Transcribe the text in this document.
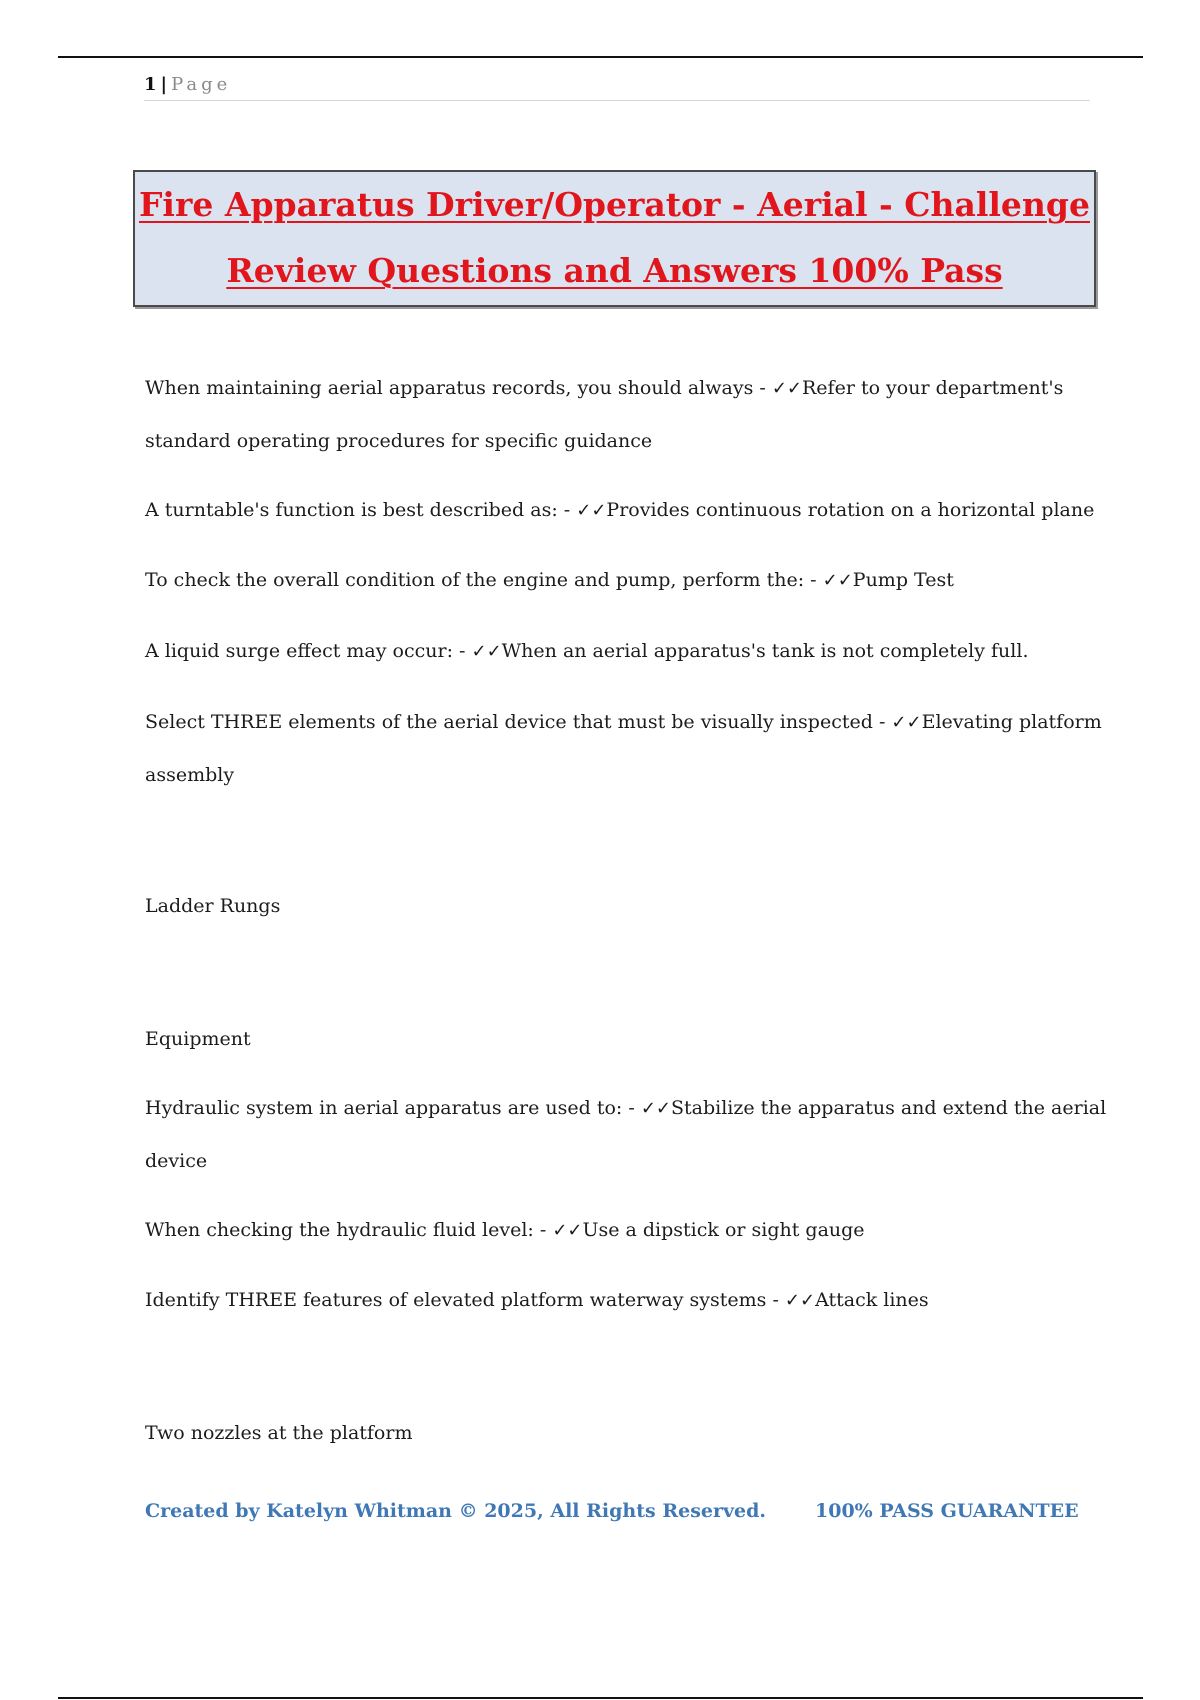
1 | Page
Fire Apparatus Driver/Operator - Aerial - Challenge
Review Questions and Answers 100% Pass
When maintaining aerial apparatus records, you should always - ✓✓Refer to your department's
standard operating procedures for specific guidance
A turntable's function is best described as: - ✓✓Provides continuous rotation on a horizontal plane
To check the overall condition of the engine and pump, perform the: - ✓✓Pump Test
A liquid surge effect may occur: - ✓✓When an aerial apparatus's tank is not completely full.
Select THREE elements of the aerial device that must be visually inspected - ✓✓Elevating platform
assembly
Ladder Rungs
Equipment
Hydraulic system in aerial apparatus are used to: - ✓✓Stabilize the apparatus and extend the aerial
device
When checking the hydraulic fluid level: - ✓✓Use a dipstick or sight gauge
Identify THREE features of elevated platform waterway systems - ✓✓Attack lines
Two nozzles at the platform
Created by Katelyn Whitman © 2025, All Rights Reserved.	100% PASS GUARANTEE
